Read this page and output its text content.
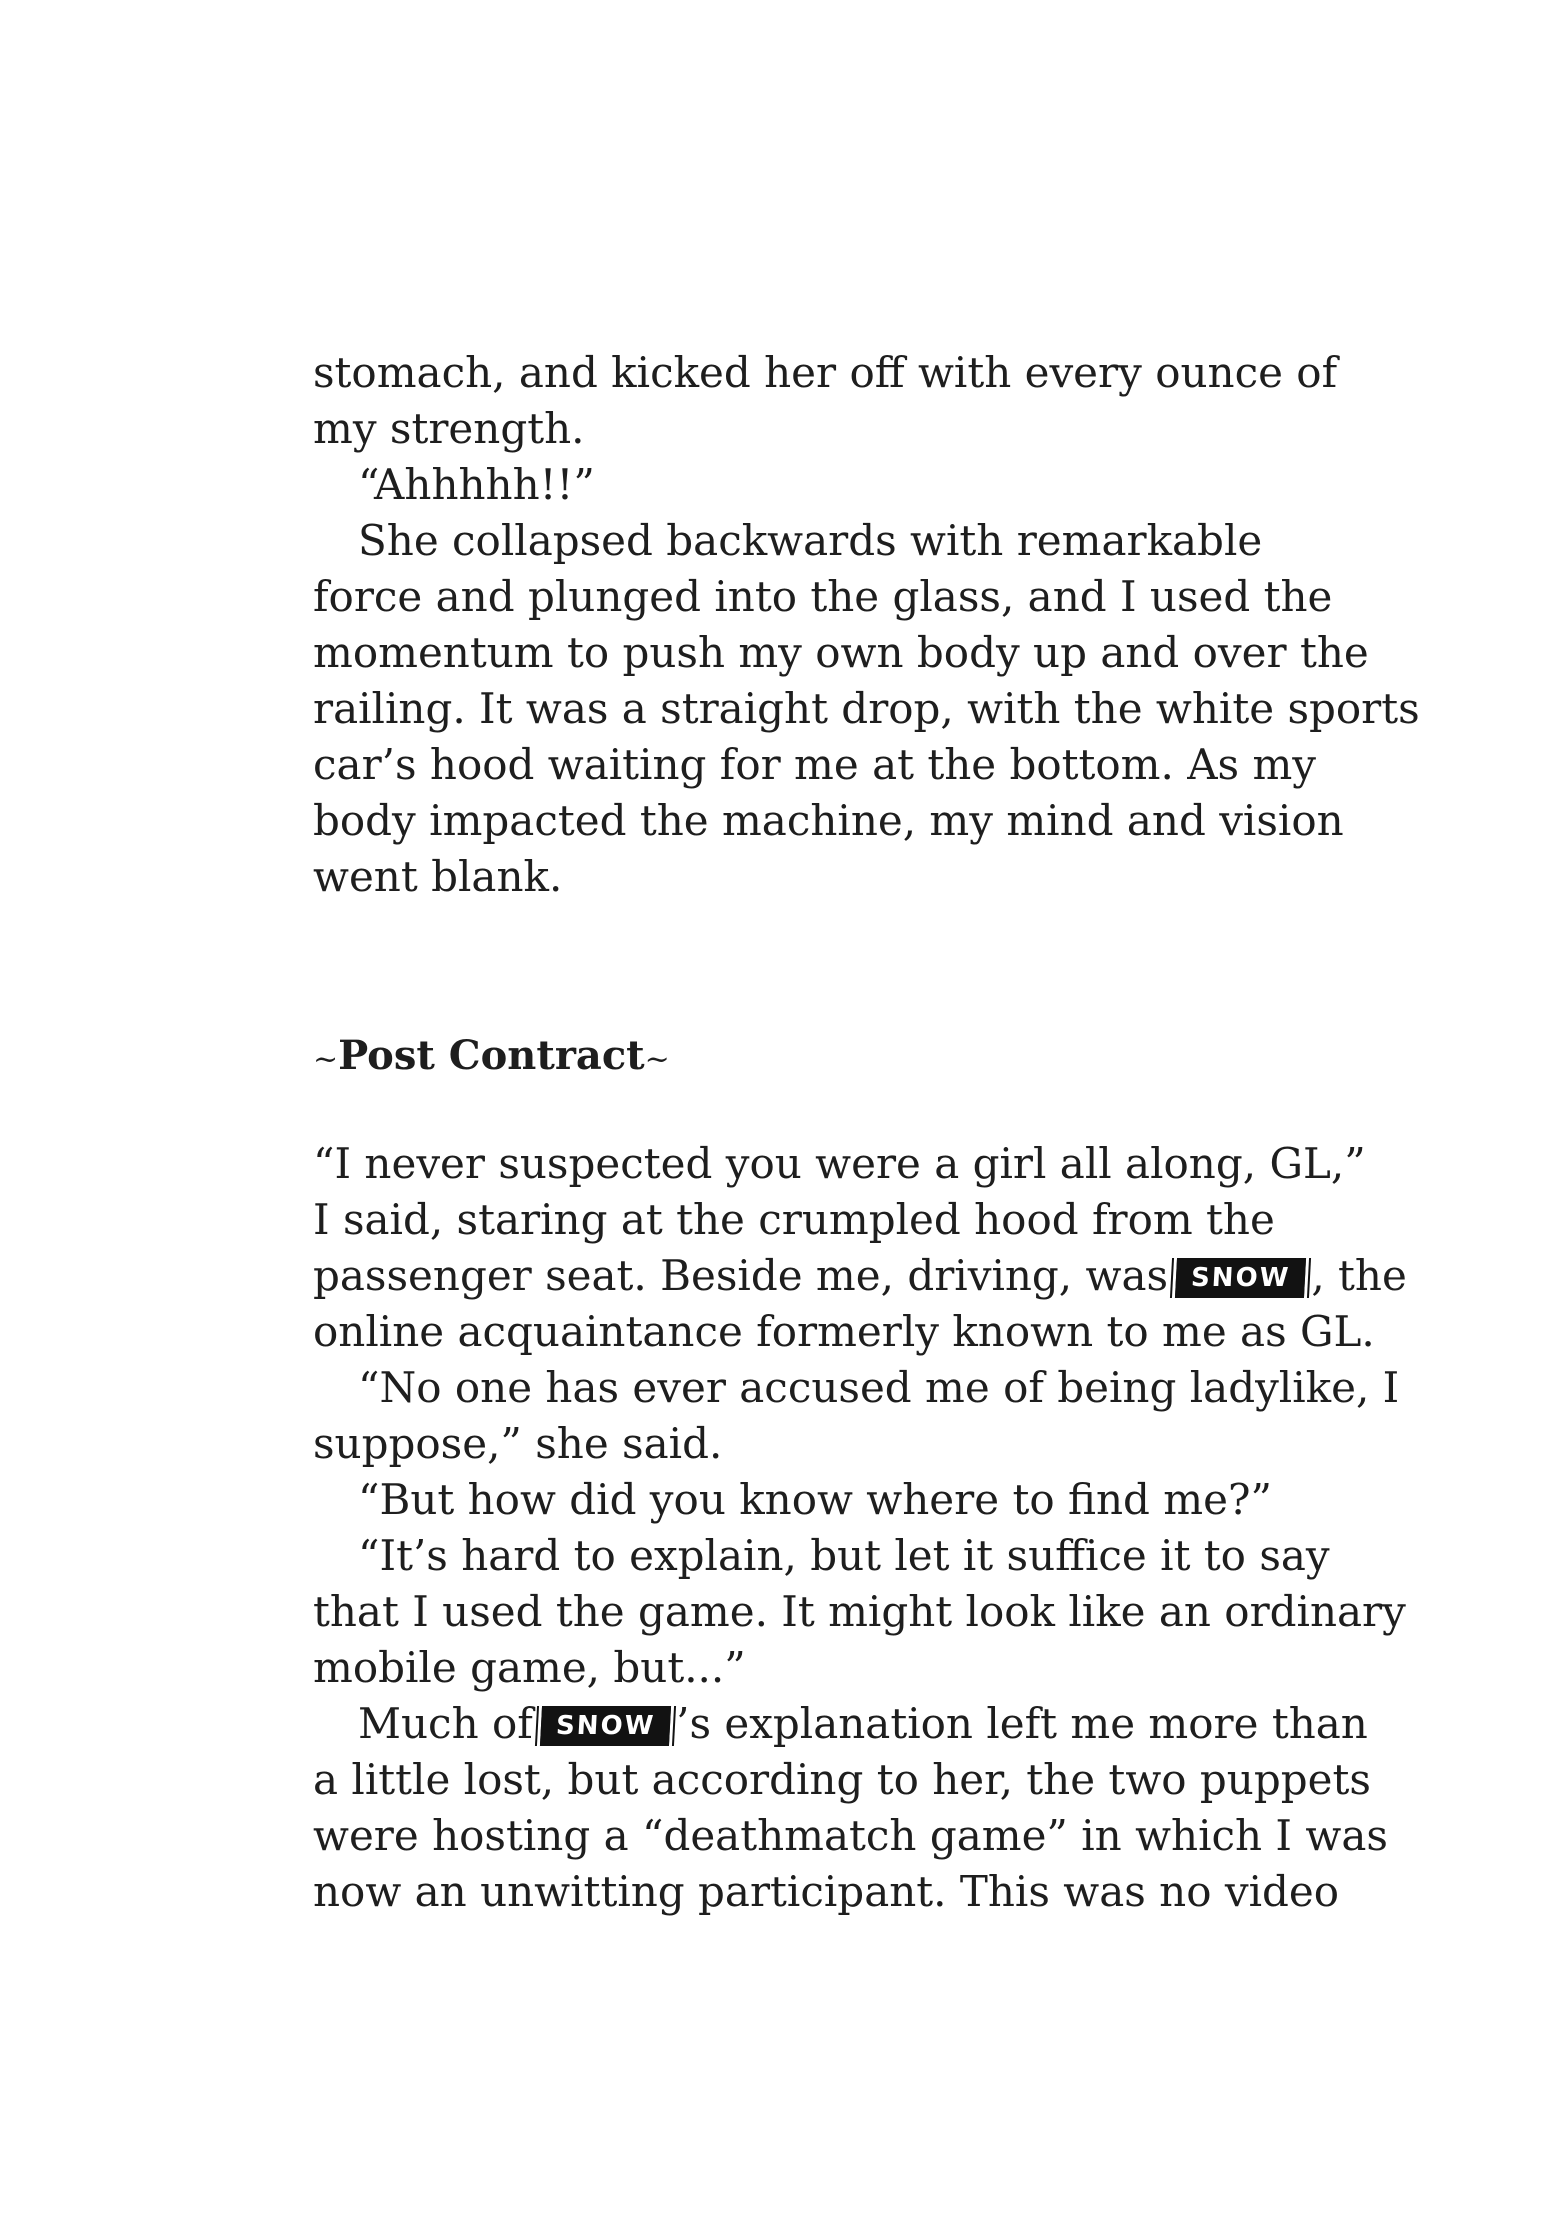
stomach, and kicked her off with every ounce of
my strength.
“Ahhhhh!!”
She collapsed backwards with remarkable
force and plunged into the glass, and I used the
momentum to push my own body up and over the
railing. It was a straight drop, with the white sports
car’s hood waiting for me at the bottom. As my
body impacted the machine, my mind and vision
went blank.
~Post Contract~
“I never suspected you were a girl all along, GL,”
I said, staring at the crumpled hood from the
passenger seat. Beside me, driving, was SNOW , the
online acquaintance formerly known to me as GL.
“No one has ever accused me of being ladylike, I
suppose,” she said.
“But how did you know where to find me?”
“It’s hard to explain, but let it suffice it to say
that I used the game. It might look like an ordinary
mobile game, but...”
Much of SNOW ’s explanation left me more than
a little lost, but according to her, the two puppets
were hosting a “deathmatch game” in which I was
now an unwitting participant. This was no video
